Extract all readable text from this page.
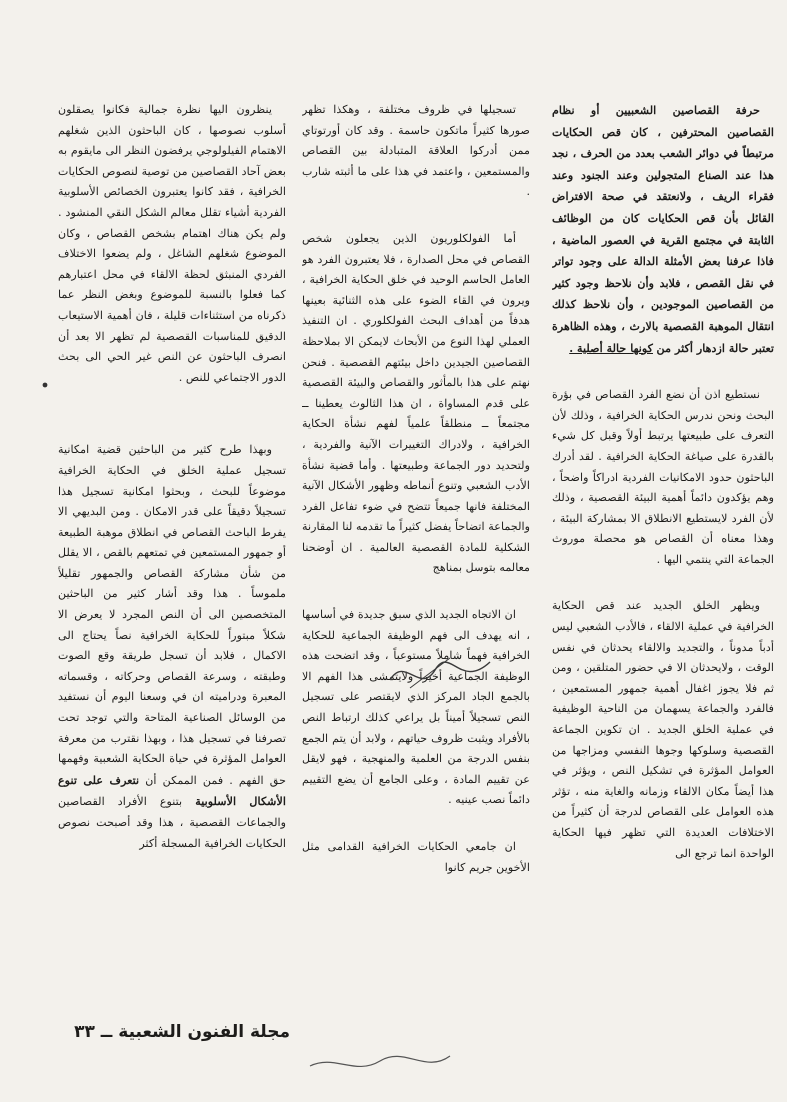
حرفة القصاصين الشعبيين أو نظام القصاصين المحترفين ، كان قص الحكايات مرتبطاً في دوائر الشعب بعدد من الحرف ، نجد هذا عند الصناع المتجولين وعند الجنود وعند فقراء الريف ، ولانعتقد في صحة الافتراض القائل بأن قص الحكايات كان من الوظائف الثابتة في مجتمع القرية في العصور الماضية ، فاذا عرفنا بعض الأمثلة الدالة على وجود تواتر في نقل القصص ، فلابد وأن نلاحظ وجود كثير من القصاصين الموجودين ، وأن نلاحظ كذلك انتقال الموهبة القصصية بالارث ، وهذه الظاهرة تعتبر حالة ازدهار أكثر من كونها حالة أصلية .

نستطيع اذن أن نضع الفرد القصاص في بؤرة البحث ونحن ندرس الحكاية الخرافية ، وذلك لأن التعرف على طبيعتها يرتبط أولاً وقبل كل شيء بالقدرة على صياغة الحكاية الخرافية . لقد أدرك الباحثون حدود الامكانيات الفردية ادراكاً واضحاً ، وهم يؤكدون دائماً أهمية البيئة القصصية ، وذلك لأن الفرد لايستطيع الانطلاق الا بمشاركة البيئة ، وهذا معناه أن القصاص هو محصلة موروث الجماعة التي ينتمي اليها .

ويظهر الخلق الجديد عند قص الحكاية الخرافية في عملية الالقاء ، فالأدب الشعبي ليس أدباً مدوناً ، والتجديد والالقاء يحدثان في نفس الوقت ، ولايحدثان الا في حضور المتلقين ، ومن ثم فلا يجوز اغفال أهمية جمهور المستمعين ، فالفرد والجماعة يسهمان من الناحية الوظيفية في عملية الخلق الجديد . ان تكوين الجماعة القصصية وسلوكها وجوها النفسي ومزاجها من العوامل المؤثرة في تشكيل النص ، ويؤثر في هذا أيضاً مكان الالقاء وزمانه والغاية منه ، تؤثر هذه العوامل على القصاص لدرجة أن كثيراً من الاختلافات العديدة التي تظهر فيها الحكاية الواحدة انما ترجع الى

تسجيلها في ظروف مختلفة ، وهكذا تظهر صورها كثيراً ماتكون حاسمة . وقد كان أورتوتاي ممن أدركوا العلاقة المتبادلة بين القصاص والمستمعين ، واعتمد في هذا على ما أثبته شارب .

أما الفولكلوريون الذين يجعلون شخص القصاص في محل الصدارة ، فلا يعتبرون الفرد هو العامل الحاسم الوحيد في خلق الحكاية الخرافية ، ويرون في القاء الضوء على هذه الثنائية بعينها هدفاً من أهداف البحث الفولكلوري . ان التنفيذ العملي لهذا النوع من الأبحاث لايمكن الا بملاحظة القصاصين الجيدين داخل بيئتهم القصصية . فنحن نهتم على هذا بالمأثور والقصاص والبيئة القصصية على قدم المساواة ، ان هذا الثالوث يعطينا ــ مجتمعاً ــ منطلقاً علمياً لفهم نشأة الحكاية الخرافية ، ولادراك التغييرات الآنية والفردية ، ولتحديد دور الجماعة وطبيعتها . وأما قضية نشأة الأدب الشعبي وتنوع أنماطه وظهور الأشكال الآنية المختلفة فانها جميعاً تتضح في ضوء تفاعل الفرد والجماعة اتضاحاً يفضل كثيراً ما تقدمه لنا المقارنة الشكلية للمادة القصصية العالمية . ان أوضحنا معالمه بتوسل بمناهج

ان الاتجاه الجديد الذي سبق جديدة في أساسها ، انه يهدف الى فهم الوظيفة الجماعية للحكاية الخرافية فهماً شاملاً مستوعباً ، وقد اتضحت هذه الوظيفة الجماعية أخيراً ولايتمشى هذا الفهم الا بالجمع الجاد المركز الذي لايقتصر على تسجيل النص تسجيلاً أميناً بل يراعي كذلك ارتباط النص بالأفراد ويثبت ظروف حياتهم ، ولابد أن يتم الجمع بنفس الدرجة من العلمية والمنهجية ، فهو لايقل عن تقييم المادة ، وعلى الجامع أن يضع التقييم دائماً نصب عينيه .

ان جامعي الحكايات الخرافية القدامى مثل الأخوين جريم كانوا

ينظرون اليها نظرة جمالية فكانوا يصقلون أسلوب نصوصها ، كان الباحثون الذين شغلهم الاهتمام الفيلولوجي يرفضون النظر الى مايقوم به بعض آحاد القصاصين من توصية لنصوص الحكايات الخرافية ، فقد كانوا يعتبرون الخصائص الأسلوبية الفردية أشياء تقلل معالم الشكل النقي المنشود . ولم يكن هناك اهتمام بشخص القصاص ، وكان الموضوع شغلهم الشاغل ، ولم يضعوا الاختلاف الفردي المنبثق لحظة الالقاء في محل اعتبارهم كما فعلوا بالنسبة للموضوع وبغض النظر عما ذكرناه من استثناءات قليلة ، فان أهمية الاستيعاب الدقيق للمناسبات القصصية لم تظهر الا بعد أن انصرف الباحثون عن النص غير الحي الى بحث الدور الاجتماعي للنص .

وبهذا طرح كثير من الباحثين قضية امكانية تسجيل عملية الخلق في الحكاية الخرافية موضوعاً للبحث ، وبحثوا امكانية تسجيل هذا تسجيلاً دقيقاً على قدر الامكان . ومن البديهي الا يفرط الباحث القصاص في انطلاق موهبة الطبيعة أو جمهور المستمعين في تمتعهم بالقص ، الا يقلل من شأن مشاركة القصاص والجمهور تقليلاً ملموساً . هذا وقد أشار كثير من الباحثين المتخصصين الى أن النص المجرد لا يعرض الا شكلاً مبتوراً للحكاية الخرافية نصاً يحتاج الى الاكمال ، فلابد أن تسجل طريقة وقع الصوت وطبقته ، وسرعة القصاص وحركاته ، وقسماته المعبرة ودراميته ان في وسعنا اليوم أن نستفيد من الوسائل الصناعية المتاحة والتي توجد تحت تصرفنا في تسجيل هذا ، وبهذا نقترب من معرفة العوامل المؤثرة في حياة الحكاية الشعبية وفهمها حق الفهم . فمن الممكن أن نتعرف على تنوع الأشكال الأسلوبية بتنوع الأفراد القصاصين والجماعات القصصية ، هذا وقد أصبحت نصوص الحكايات الخرافية المسجلة أكثر

مجلة الفنون الشعبية ــ ٣٣
